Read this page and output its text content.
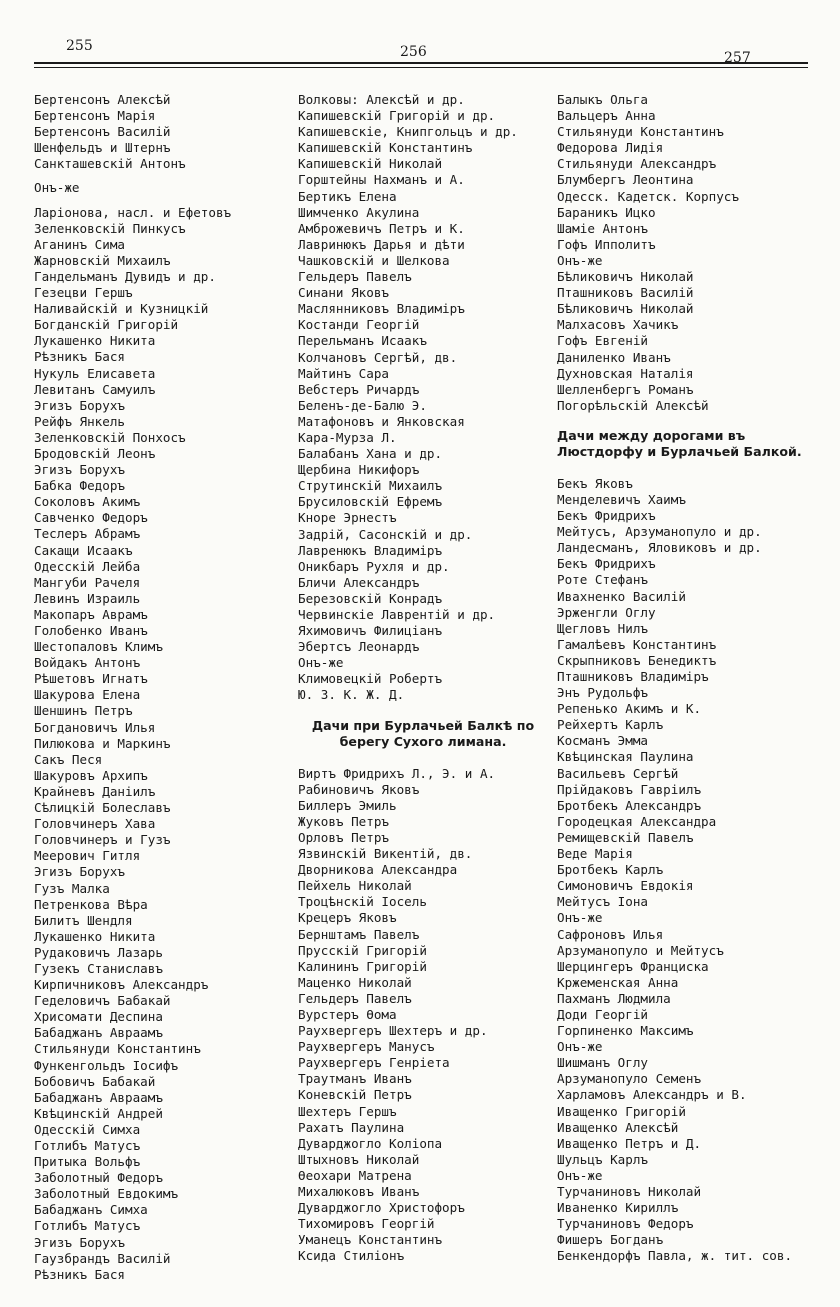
255	256	257
Бертенсонъ Алексѣй
Бертенсонъ Марія
Бертенсонъ Василій
Шенфельдъ и Штернъ
Санкташевскій Антонъ
Онъ-же
Ларіонова, насл. и Ефетовъ
Зеленковскій Пинкусъ
Аганинъ Сима
Жарновскій Михаилъ
Гандельманъ Дувидъ и др.
Гезецви Гершъ
Наливайскій и Кузницкій
Богданскій Григорій
Лукашенко Никита
Рѣзникъ Бася
Нукуль Елисавета
Левитанъ Самуилъ
Эгизъ Борухъ
Рейфъ Янкель
Зеленковскій Понхосъ
Бродовскій Леонъ
Эгизъ Борухъ
Бабка Федоръ
Соколовъ Акимъ
Савченко Федоръ
Теслеръ Абрамъ
Сакащи Исаакъ
Одесскій Лейба
Мангуби Рачеля
Левинъ Израиль
Макопаръ Аврамъ
Голобенко Иванъ
Шестопаловъ Климъ
Войдакъ Антонъ
Рѣшетовъ Игнатъ
Шакурова Елена
Шеншинъ Петръ
Богдановичъ Илья
Пилюкова и Маркинъ
Сакъ Песя
Шакуровъ Архипъ
Крайневъ Даніилъ
Сѣлицкій Болеславъ
Головчинеръ Хава
Головчинеръ и Гузъ
Меерович Гитля
Эгизъ Борухъ
Гузъ Малка
Петренкова Вѣра
Билитъ Шендля
Лукашенко Никита
Рудаковичъ Лазарь
Гузекъ Станиславъ
Кирпичниковъ Александръ
Геделовичъ Бабакай
Хрисомати Деспина
Бабаджанъ Авраамъ
Стильянуди Константинъ
Функенгольдъ Іосифъ
Бобовичъ Бабакай
Бабаджанъ Авраамъ
Квѣцинскій Андрей
Одесскій Симха
Готлибъ Матусъ
Притыка Вольфъ
Заболотный Федоръ
Заболотный Евдокимъ
Бабаджанъ Симха
Готлибъ Матусъ
Эгизъ Борухъ
Гаузбрандъ Василій
Рѣзникъ Бася
Волковы: Алексѣй и др.
Капишевскій Григорій и др.
Капишевскіе, Книпгольцъ и др.
Капишевскій Константинъ
Капишевскій Николай
Горштейны Нахманъ и А.
Бертикъ Елена
Шимченко Акулина
Амброжевичъ Петръ и К.
Лавринюкъ Дарья и дѣти
Чашковскій и Шелкова
Гельдеръ Павелъ
Синани Яковъ
Маслянниковъ Владиміръ
Костанди Георгій
Перельманъ Исаакъ
Колчановъ Сергѣй, дв.
Майтинъ Сара
Вебстеръ Ричардъ
Беленъ-де-Балю Э.
Матафоновъ и Янковская
Кара-Мурза Л.
Балабанъ Хана и др.
Щербина Никифоръ
Струтинскій Михаилъ
Брусиловскій Ефремъ
Кноре Эрнестъ
Задрій, Сасонскій и др.
Лавренюкъ Владиміръ
Оникбаръ Рухля и др.
Бличи Александръ
Березовскій Конрадъ
Червинскіе Лаврентій и др.
Яхимовичъ Филиціанъ
Эбертсъ Леонардъ
Онъ-же
Климовецкій Робертъ
Ю. З. К. Ж. Д.
Дачи при Бурлачьей Балкѣ по берегу Сухого лимана.
Виртъ Фридрихъ Л., Э. и А.
Рабиновичъ Яковъ
Биллеръ Эмиль
Жуковъ Петръ
Орловъ Петръ
Язвинскій Викентій, дв.
Дворникова Александра
Пейхель Николай
Троцѣнскій Іосель
Крецеръ Яковъ
Бернштамъ Павелъ
Прусскій Григорій
Калининъ Григорій
Маценко Николай
Гельдеръ Павелъ
Вурстеръ Өома
Раухвергеръ Шехтеръ и др.
Раухвергеръ Манусъ
Раухвергеръ Генріета
Траутманъ Иванъ
Коневскій Петръ
Шехтеръ Гершъ
Рахатъ Паулина
Дуварджогло Коліопа
Штыхновъ Николай
Өеохари Матрена
Михалюковъ Иванъ
Дуварджогло Христофоръ
Тихомировъ Георгій
Уманецъ Константинъ
Ксида Стиліонъ
Балыкъ Ольга
Вальцеръ Анна
Стильянуди Константинъ
Федорова Лидія
Стильянуди Александръ
Блумбергъ Леонтина
Одесск. Кадетск. Корпусъ
Бараникъ Ицко
Шаміе Антонъ
Гофъ Ипполитъ
Онъ-же
Бѣликовичъ Николай
Пташниковъ Василій
Бѣликовичъ Николай
Малхасовъ Хачикъ
Гофъ Евгеній
Даниленко Иванъ
Духновская Наталія
Шелленбергъ Романъ
Погорѣльскій Алексѣй
Дачи между дорогами въ Люстдорфу и Бурлачьей Балкой.
Бекъ Яковъ
Менделевичъ Хаимъ
Бекъ Фридрихъ
Мейтусъ, Арзуманопуло и др.
Ландесманъ, Яловиковъ и др.
Бекъ Фридрихъ
Роте Стефанъ
Ивахненко Василій
Эрженгли Оглу
Щегловъ Нилъ
Гамалѣевъ Константинъ
Скрыпниковъ Бенедиктъ
Пташниковъ Владиміръ
Энъ Рудольфъ
Репенько Акимъ и К.
Рейхертъ Карлъ
Косманъ Эмма
Квѣцинская Паулина
Васильевъ Сергѣй
Прійдаковъ Гавріилъ
Бротбекъ Александръ
Городецкая Александра
Ремищевскій Павелъ
Веде Марія
Бротбекъ Карлъ
Симоновичъ Евдокія
Мейтусъ Іона
Онъ-же
Сафроновъ Илья
Арзуманопуло и Мейтусъ
Шерцингеръ Франциска
Кржеменская Анна
Пахманъ Людмила
Доди Георгій
Горпиненко Максимъ
Онъ-же
Шишманъ Оглу
Арзуманопуло Семенъ
Харламовъ Александръ и В.
Иващенко Григорій
Иващенко Алексѣй
Иващенко Петръ и Д.
Шульцъ Карлъ
Онъ-же
Турчаниновъ Николай
Иваненко Кириллъ
Турчаниновъ Федоръ
Фишеръ Богданъ
Бенкендорфъ Павла, ж. тит. сов.
